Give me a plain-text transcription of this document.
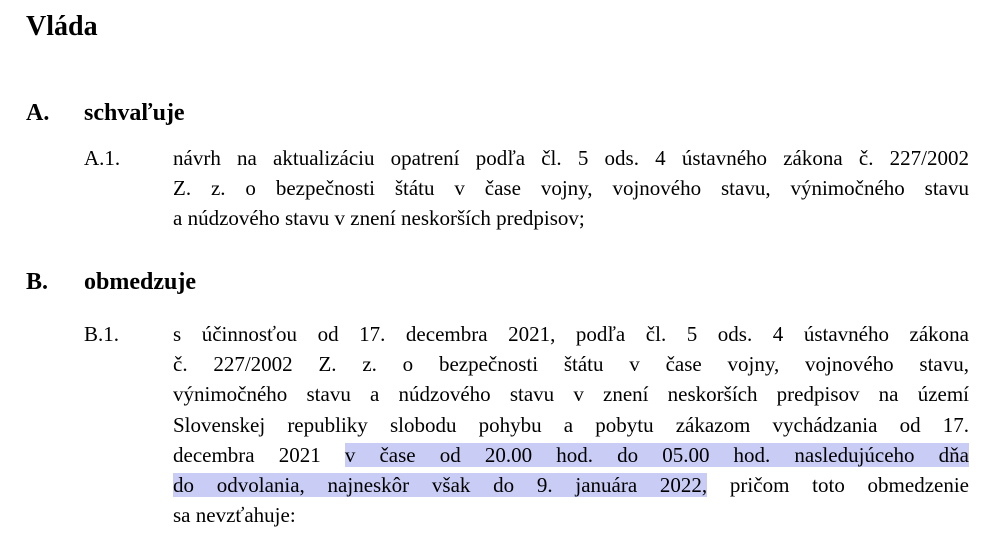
Vláda
A. schvaľuje
A.1.	návrh na aktualizáciu opatrení podľa čl. 5 ods. 4 ústavného zákona č. 227/2002
Z. z. o bezpečnosti štátu v čase vojny, vojnového stavu, výnimočného stavu
a núdzového stavu v znení neskorších predpisov;
B. obmedzuje
B.1.	s účinnosťou od 17. decembra 2021, podľa čl. 5 ods. 4 ústavného zákona
č. 227/2002 Z. z. o bezpečnosti štátu v čase vojny, vojnového stavu,
výnimočného stavu a núdzového stavu v znení neskorších predpisov na území
Slovenskej republiky slobodu pohybu a pobytu zákazom vychádzania od 17.
decembra 2021 v čase od 20.00 hod. do 05.00 hod. nasledujúceho dňa
do odvolania, najneskôr však do 9. januára 2022, pričom toto obmedzenie
sa nevzťahuje:
